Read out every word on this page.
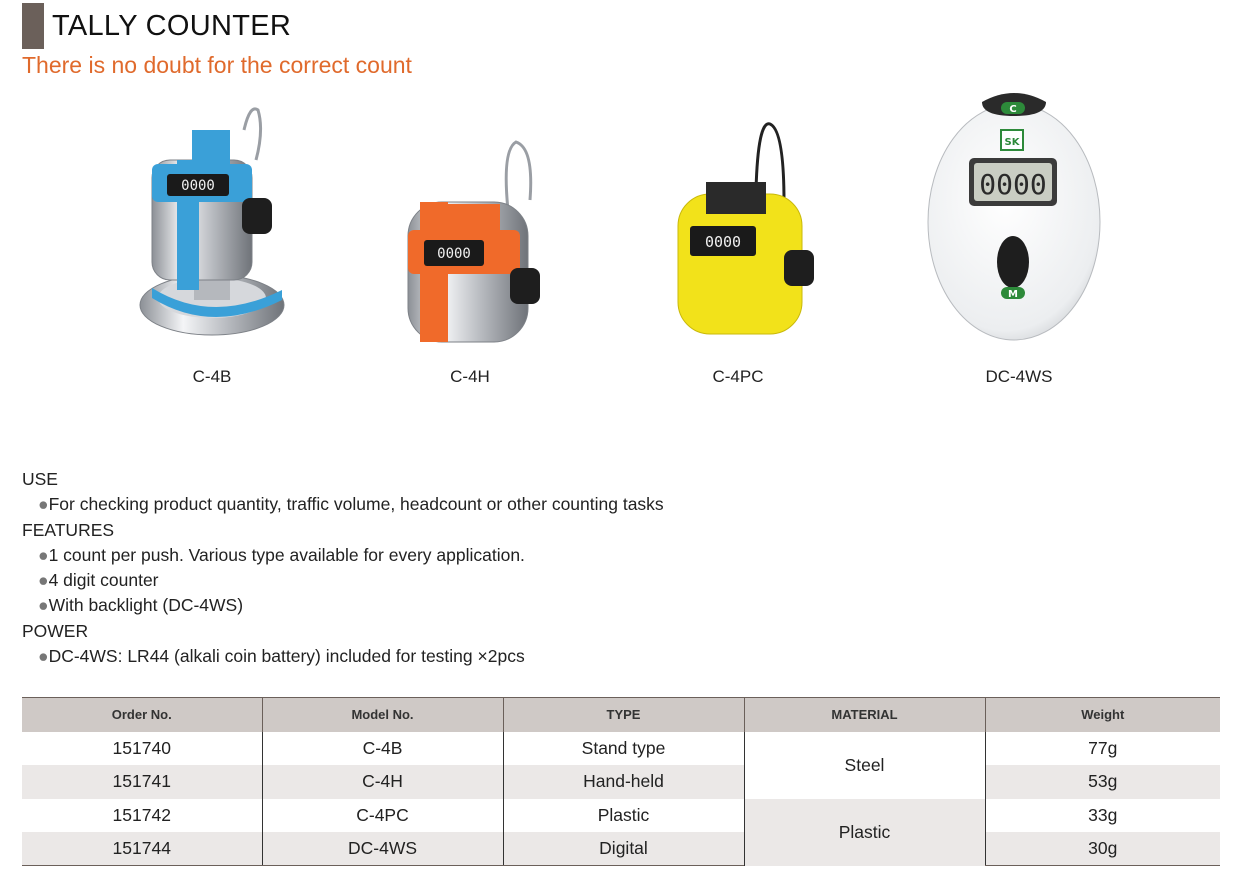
TALLY COUNTER
There is no doubt for the correct count
0000
C-4B
0000
C-4H
0000
C-4PC
C
SK
0000
M
DC-4WS
USE
●For checking product quantity, traffic volume, headcount or other counting tasks
FEATURES
●1 count per push. Various type available for every application.
●4 digit counter
●With backlight (DC-4WS)
POWER
●DC-4WS: LR44 (alkali coin battery) included for testing ×2pcs
Order No.	Model No.	TYPE	MATERIAL	Weight
151740	C-4B	Stand type	Steel	77g
151741	C-4H	Hand-held		53g
151742	C-4PC	Plastic	Plastic	33g
151744	DC-4WS	Digital		30g
